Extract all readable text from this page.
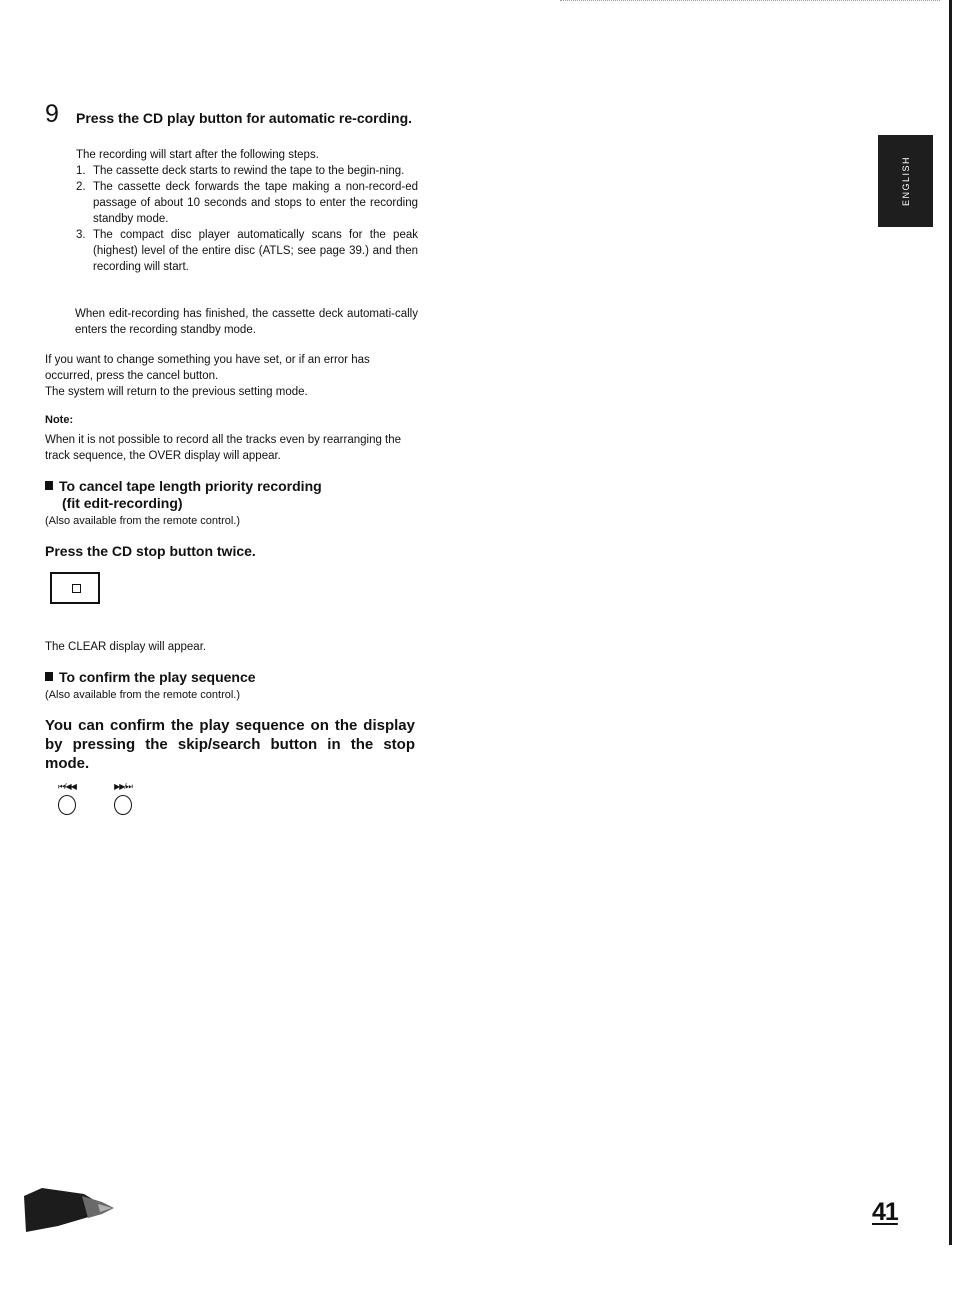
ENGLISH
9 Press the CD play button for automatic re-cording.

The recording will start after the following steps.

1. The cassette deck starts to rewind the tape to the begin-ning.
2. The cassette deck forwards the tape making a non-record-ed passage of about 10 seconds and stops to enter the recording standby mode.
3. The compact disc player automatically scans for the peak (highest) level of the entire disc (ATLS; see page 39.) and then recording will start.
When edit-recording has finished, the cassette deck automati-cally enters the recording standby mode.
If you want to change something you have set, or if an error has occurred, press the cancel button.
The system will return to the previous setting mode.
Note:
When it is not possible to record all the tracks even by rearranging the track sequence, the OVER display will appear.
To cancel tape length priority recording
(fit edit-recording)
(Also available from the remote control.)
Press the CD stop button twice.
The CLEAR display will appear.
To confirm the play sequence
(Also available from the remote control.)
You can confirm the play sequence on the display by pressing the skip/search button in the stop mode.
⏮/◀◀	▶▶/⏭
41
